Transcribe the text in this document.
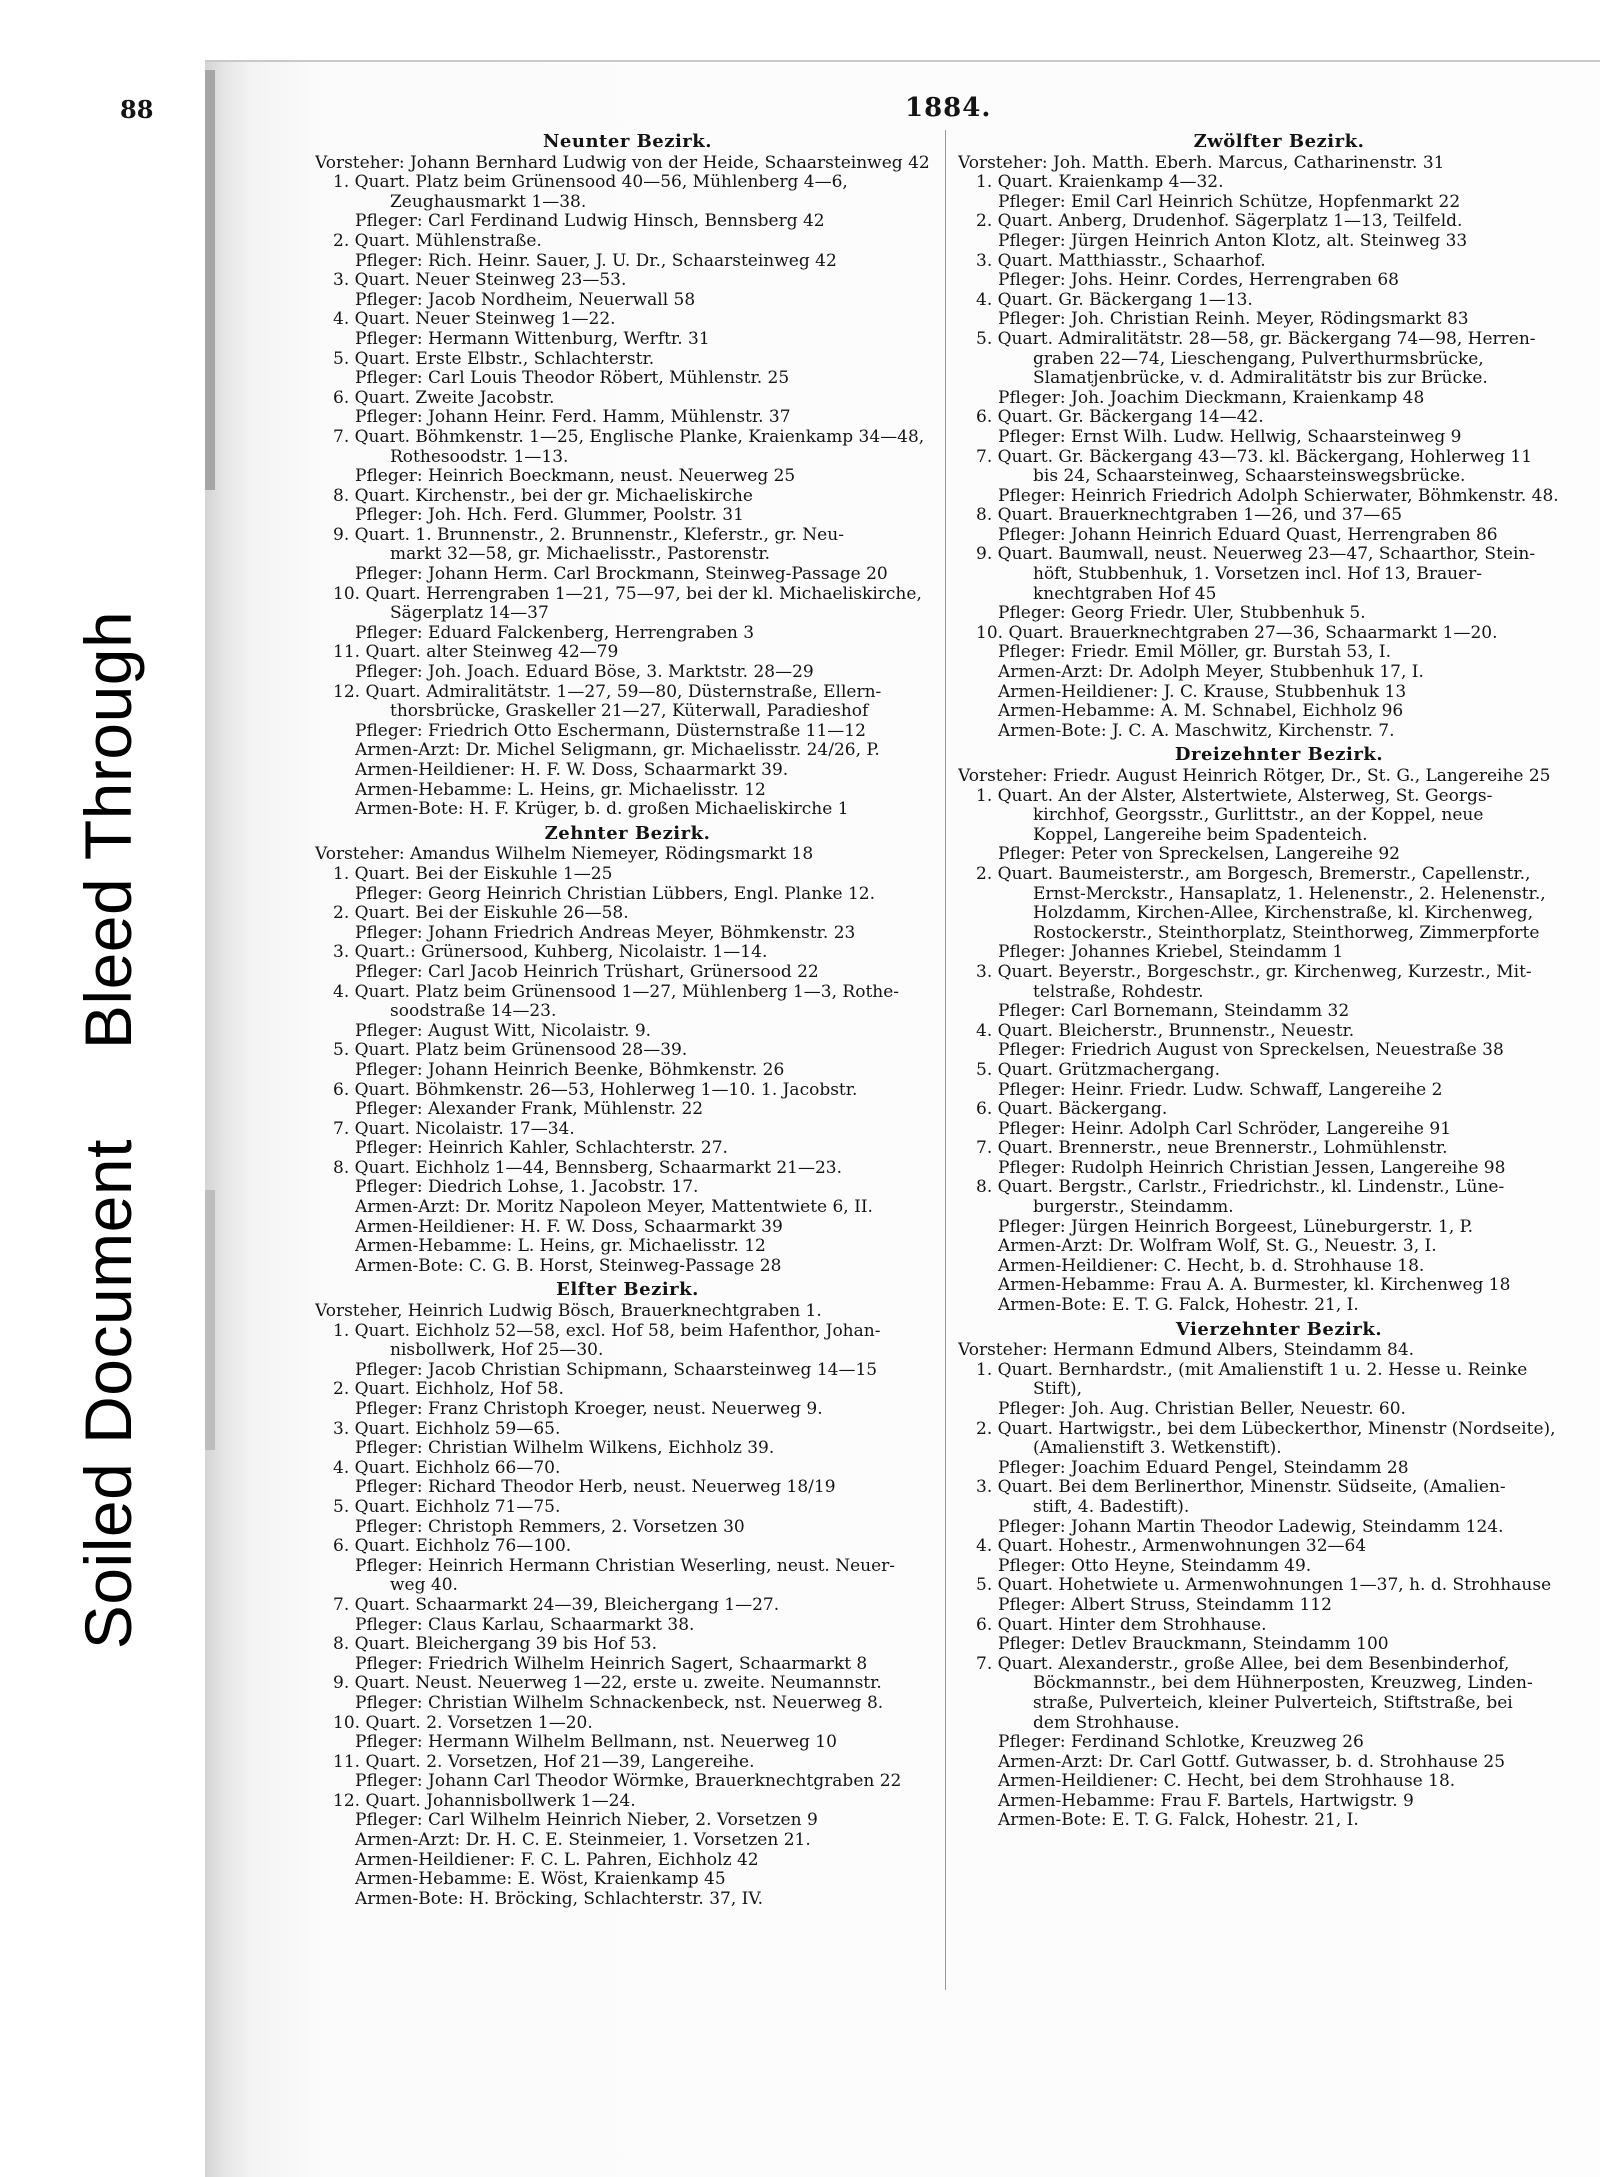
Soiled DocumentBleed Through
88	1884.
Neunter Bezirk.
Vorsteher: Johann Bernhard Ludwig von der Heide, Schaarsteinweg 42
1. Quart. Platz beim Grünensood 40—56, Mühlenberg 4—6,
Zeughausmarkt 1—38.
Pfleger: Carl Ferdinand Ludwig Hinsch, Bennsberg 42
2. Quart. Mühlenstraße.
Pfleger: Rich. Heinr. Sauer, J. U. Dr., Schaarsteinweg 42
3. Quart. Neuer Steinweg 23—53.
Pfleger: Jacob Nordheim, Neuerwall 58
4. Quart. Neuer Steinweg 1—22.
Pfleger: Hermann Wittenburg, Werftr. 31
5. Quart. Erste Elbstr., Schlachterstr.
Pfleger: Carl Louis Theodor Röbert, Mühlenstr. 25
6. Quart. Zweite Jacobstr.
Pfleger: Johann Heinr. Ferd. Hamm, Mühlenstr. 37
7. Quart. Böhmkenstr. 1—25, Englische Planke, Kraienkamp 34—48,
Rothesoodstr. 1—13.
Pfleger: Heinrich Boeckmann, neust. Neuerweg 25
8. Quart. Kirchenstr., bei der gr. Michaeliskirche
Pfleger: Joh. Hch. Ferd. Glummer, Poolstr. 31
9. Quart. 1. Brunnenstr., 2. Brunnenstr., Kleferstr., gr. Neu-
markt 32—58, gr. Michaelisstr., Pastorenstr.
Pfleger: Johann Herm. Carl Brockmann, Steinweg-Passage 20
10. Quart. Herrengraben 1—21, 75—97, bei der kl. Michaeliskirche,
Sägerplatz 14—37
Pfleger: Eduard Falckenberg, Herrengraben 3
11. Quart. alter Steinweg 42—79
Pfleger: Joh. Joach. Eduard Böse, 3. Marktstr. 28—29
12. Quart. Admiralitätstr. 1—27, 59—80, Düsternstraße, Ellern-
thorsbrücke, Graskeller 21—27, Küterwall, Paradieshof
Pfleger: Friedrich Otto Eschermann, Düsternstraße 11—12
Armen-Arzt: Dr. Michel Seligmann, gr. Michaelisstr. 24/26, P.
Armen-Heildiener: H. F. W. Doss, Schaarmarkt 39.
Armen-Hebamme: L. Heins, gr. Michaelisstr. 12
Armen-Bote: H. F. Krüger, b. d. großen Michaeliskirche 1
Zehnter Bezirk.
Vorsteher: Amandus Wilhelm Niemeyer, Rödingsmarkt 18
1. Quart. Bei der Eiskuhle 1—25
Pfleger: Georg Heinrich Christian Lübbers, Engl. Planke 12.
2. Quart. Bei der Eiskuhle 26—58.
Pfleger: Johann Friedrich Andreas Meyer, Böhmkenstr. 23
3. Quart.: Grünersood, Kuhberg, Nicolaistr. 1—14.
Pfleger: Carl Jacob Heinrich Trüshart, Grünersood 22
4. Quart. Platz beim Grünensood 1—27, Mühlenberg 1—3, Rothe-
soodstraße 14—23.
Pfleger: August Witt, Nicolaistr. 9.
5. Quart. Platz beim Grünensood 28—39.
Pfleger: Johann Heinrich Beenke, Böhmkenstr. 26
6. Quart. Böhmkenstr. 26—53, Hohlerweg 1—10. 1. Jacobstr.
Pfleger: Alexander Frank, Mühlenstr. 22
7. Quart. Nicolaistr. 17—34.
Pfleger: Heinrich Kahler, Schlachterstr. 27.
8. Quart. Eichholz 1—44, Bennsberg, Schaarmarkt 21—23.
Pfleger: Diedrich Lohse, 1. Jacobstr. 17.
Armen-Arzt: Dr. Moritz Napoleon Meyer, Mattentwiete 6, II.
Armen-Heildiener: H. F. W. Doss, Schaarmarkt 39
Armen-Hebamme: L. Heins, gr. Michaelisstr. 12
Armen-Bote: C. G. B. Horst, Steinweg-Passage 28
Elfter Bezirk.
Vorsteher, Heinrich Ludwig Bösch, Brauerknechtgraben 1.
1. Quart. Eichholz 52—58, excl. Hof 58, beim Hafenthor, Johan-
nisbollwerk, Hof 25—30.
Pfleger: Jacob Christian Schipmann, Schaarsteinweg 14—15
2. Quart. Eichholz, Hof 58.
Pfleger: Franz Christoph Kroeger, neust. Neuerweg 9.
3. Quart. Eichholz 59—65.
Pfleger: Christian Wilhelm Wilkens, Eichholz 39.
4. Quart. Eichholz 66—70.
Pfleger: Richard Theodor Herb, neust. Neuerweg 18/19
5. Quart. Eichholz 71—75.
Pfleger: Christoph Remmers, 2. Vorsetzen 30
6. Quart. Eichholz 76—100.
Pfleger: Heinrich Hermann Christian Weserling, neust. Neuer-
weg 40.
7. Quart. Schaarmarkt 24—39, Bleichergang 1—27.
Pfleger: Claus Karlau, Schaarmarkt 38.
8. Quart. Bleichergang 39 bis Hof 53.
Pfleger: Friedrich Wilhelm Heinrich Sagert, Schaarmarkt 8
9. Quart. Neust. Neuerweg 1—22, erste u. zweite. Neumannstr.
Pfleger: Christian Wilhelm Schnackenbeck, nst. Neuerweg 8.
10. Quart. 2. Vorsetzen 1—20.
Pfleger: Hermann Wilhelm Bellmann, nst. Neuerweg 10
11. Quart. 2. Vorsetzen, Hof 21—39, Langereihe.
Pfleger: Johann Carl Theodor Wörmke, Brauerknechtgraben 22
12. Quart. Johannisbollwerk 1—24.
Pfleger: Carl Wilhelm Heinrich Nieber, 2. Vorsetzen 9
Armen-Arzt: Dr. H. C. E. Steinmeier, 1. Vorsetzen 21.
Armen-Heildiener: F. C. L. Pahren, Eichholz 42
Armen-Hebamme: E. Wöst, Kraienkamp 45
Armen-Bote: H. Bröcking, Schlachterstr. 37, IV.
Zwölfter Bezirk.
Vorsteher: Joh. Matth. Eberh. Marcus, Catharinenstr. 31
1. Quart. Kraienkamp 4—32.
Pfleger: Emil Carl Heinrich Schütze, Hopfenmarkt 22
2. Quart. Anberg, Drudenhof. Sägerplatz 1—13, Teilfeld.
Pfleger: Jürgen Heinrich Anton Klotz, alt. Steinweg 33
3. Quart. Matthiasstr., Schaarhof.
Pfleger: Johs. Heinr. Cordes, Herrengraben 68
4. Quart. Gr. Bäckergang 1—13.
Pfleger: Joh. Christian Reinh. Meyer, Rödingsmarkt 83
5. Quart. Admiralitätstr. 28—58, gr. Bäckergang 74—98, Herren-
graben 22—74, Lieschengang, Pulverthurmsbrücke,
Slamatjenbrücke, v. d. Admiralitätstr bis zur Brücke.
Pfleger: Joh. Joachim Dieckmann, Kraienkamp 48
6. Quart. Gr. Bäckergang 14—42.
Pfleger: Ernst Wilh. Ludw. Hellwig, Schaarsteinweg 9
7. Quart. Gr. Bäckergang 43—73. kl. Bäckergang, Hohlerweg 11
bis 24, Schaarsteinweg, Schaarsteinswegsbrücke.
Pfleger: Heinrich Friedrich Adolph Schierwater, Böhmkenstr. 48.
8. Quart. Brauerknechtgraben 1—26, und 37—65
Pfleger: Johann Heinrich Eduard Quast, Herrengraben 86
9. Quart. Baumwall, neust. Neuerweg 23—47, Schaarthor, Stein-
höft, Stubbenhuk, 1. Vorsetzen incl. Hof 13, Brauer-
knechtgraben Hof 45
Pfleger: Georg Friedr. Uler, Stubbenhuk 5.
10. Quart. Brauerknechtgraben 27—36, Schaarmarkt 1—20.
Pfleger: Friedr. Emil Möller, gr. Burstah 53, I.
Armen-Arzt: Dr. Adolph Meyer, Stubbenhuk 17, I.
Armen-Heildiener: J. C. Krause, Stubbenhuk 13
Armen-Hebamme: A. M. Schnabel, Eichholz 96
Armen-Bote: J. C. A. Maschwitz, Kirchenstr. 7.
Dreizehnter Bezirk.
Vorsteher: Friedr. August Heinrich Rötger, Dr., St. G., Langereihe 25
1. Quart. An der Alster, Alstertwiete, Alsterweg, St. Georgs-
kirchhof, Georgsstr., Gurlittstr., an der Koppel, neue
Koppel, Langereihe beim Spadenteich.
Pfleger: Peter von Spreckelsen, Langereihe 92
2. Quart. Baumeisterstr., am Borgesch, Bremerstr., Capellenstr.,
Ernst-Merckstr., Hansaplatz, 1. Helenenstr., 2. Helenenstr.,
Holzdamm, Kirchen-Allee, Kirchenstraße, kl. Kirchenweg,
Rostockerstr., Steinthorplatz, Steinthorweg, Zimmerpforte
Pfleger: Johannes Kriebel, Steindamm 1
3. Quart. Beyerstr., Borgeschstr., gr. Kirchenweg, Kurzestr., Mit-
telstraße, Rohdestr.
Pfleger: Carl Bornemann, Steindamm 32
4. Quart. Bleicherstr., Brunnenstr., Neuestr.
Pfleger: Friedrich August von Spreckelsen, Neuestraße 38
5. Quart. Grützmachergang.
Pfleger: Heinr. Friedr. Ludw. Schwaff, Langereihe 2
6. Quart. Bäckergang.
Pfleger: Heinr. Adolph Carl Schröder, Langereihe 91
7. Quart. Brennerstr., neue Brennerstr., Lohmühlenstr.
Pfleger: Rudolph Heinrich Christian Jessen, Langereihe 98
8. Quart. Bergstr., Carlstr., Friedrichstr., kl. Lindenstr., Lüne-
burgerstr., Steindamm.
Pfleger: Jürgen Heinrich Borgeest, Lüneburgerstr. 1, P.
Armen-Arzt: Dr. Wolfram Wolf, St. G., Neuestr. 3, I.
Armen-Heildiener: C. Hecht, b. d. Strohhause 18.
Armen-Hebamme: Frau A. A. Burmester, kl. Kirchenweg 18
Armen-Bote: E. T. G. Falck, Hohestr. 21, I.
Vierzehnter Bezirk.
Vorsteher: Hermann Edmund Albers, Steindamm 84.
1. Quart. Bernhardstr., (mit Amalienstift 1 u. 2. Hesse u. Reinke
Stift),
Pfleger: Joh. Aug. Christian Beller, Neuestr. 60.
2. Quart. Hartwigstr., bei dem Lübeckerthor, Minenstr (Nordseite),
(Amalienstift 3. Wetkenstift).
Pfleger: Joachim Eduard Pengel, Steindamm 28
3. Quart. Bei dem Berlinerthor, Minenstr. Südseite, (Amalien-
stift, 4. Badestift).
Pfleger: Johann Martin Theodor Ladewig, Steindamm 124.
4. Quart. Hohestr., Armenwohnungen 32—64
Pfleger: Otto Heyne, Steindamm 49.
5. Quart. Hohetwiete u. Armenwohnungen 1—37, h. d. Strohhause
Pfleger: Albert Struss, Steindamm 112
6. Quart. Hinter dem Strohhause.
Pfleger: Detlev Brauckmann, Steindamm 100
7. Quart. Alexanderstr., große Allee, bei dem Besenbinderhof,
Böckmannstr., bei dem Hühnerposten, Kreuzweg, Linden-
straße, Pulverteich, kleiner Pulverteich, Stiftstraße, bei
dem Strohhause.
Pfleger: Ferdinand Schlotke, Kreuzweg 26
Armen-Arzt: Dr. Carl Gottf. Gutwasser, b. d. Strohhause 25
Armen-Heildiener: C. Hecht, bei dem Strohhause 18.
Armen-Hebamme: Frau F. Bartels, Hartwigstr. 9
Armen-Bote: E. T. G. Falck, Hohestr. 21, I.
